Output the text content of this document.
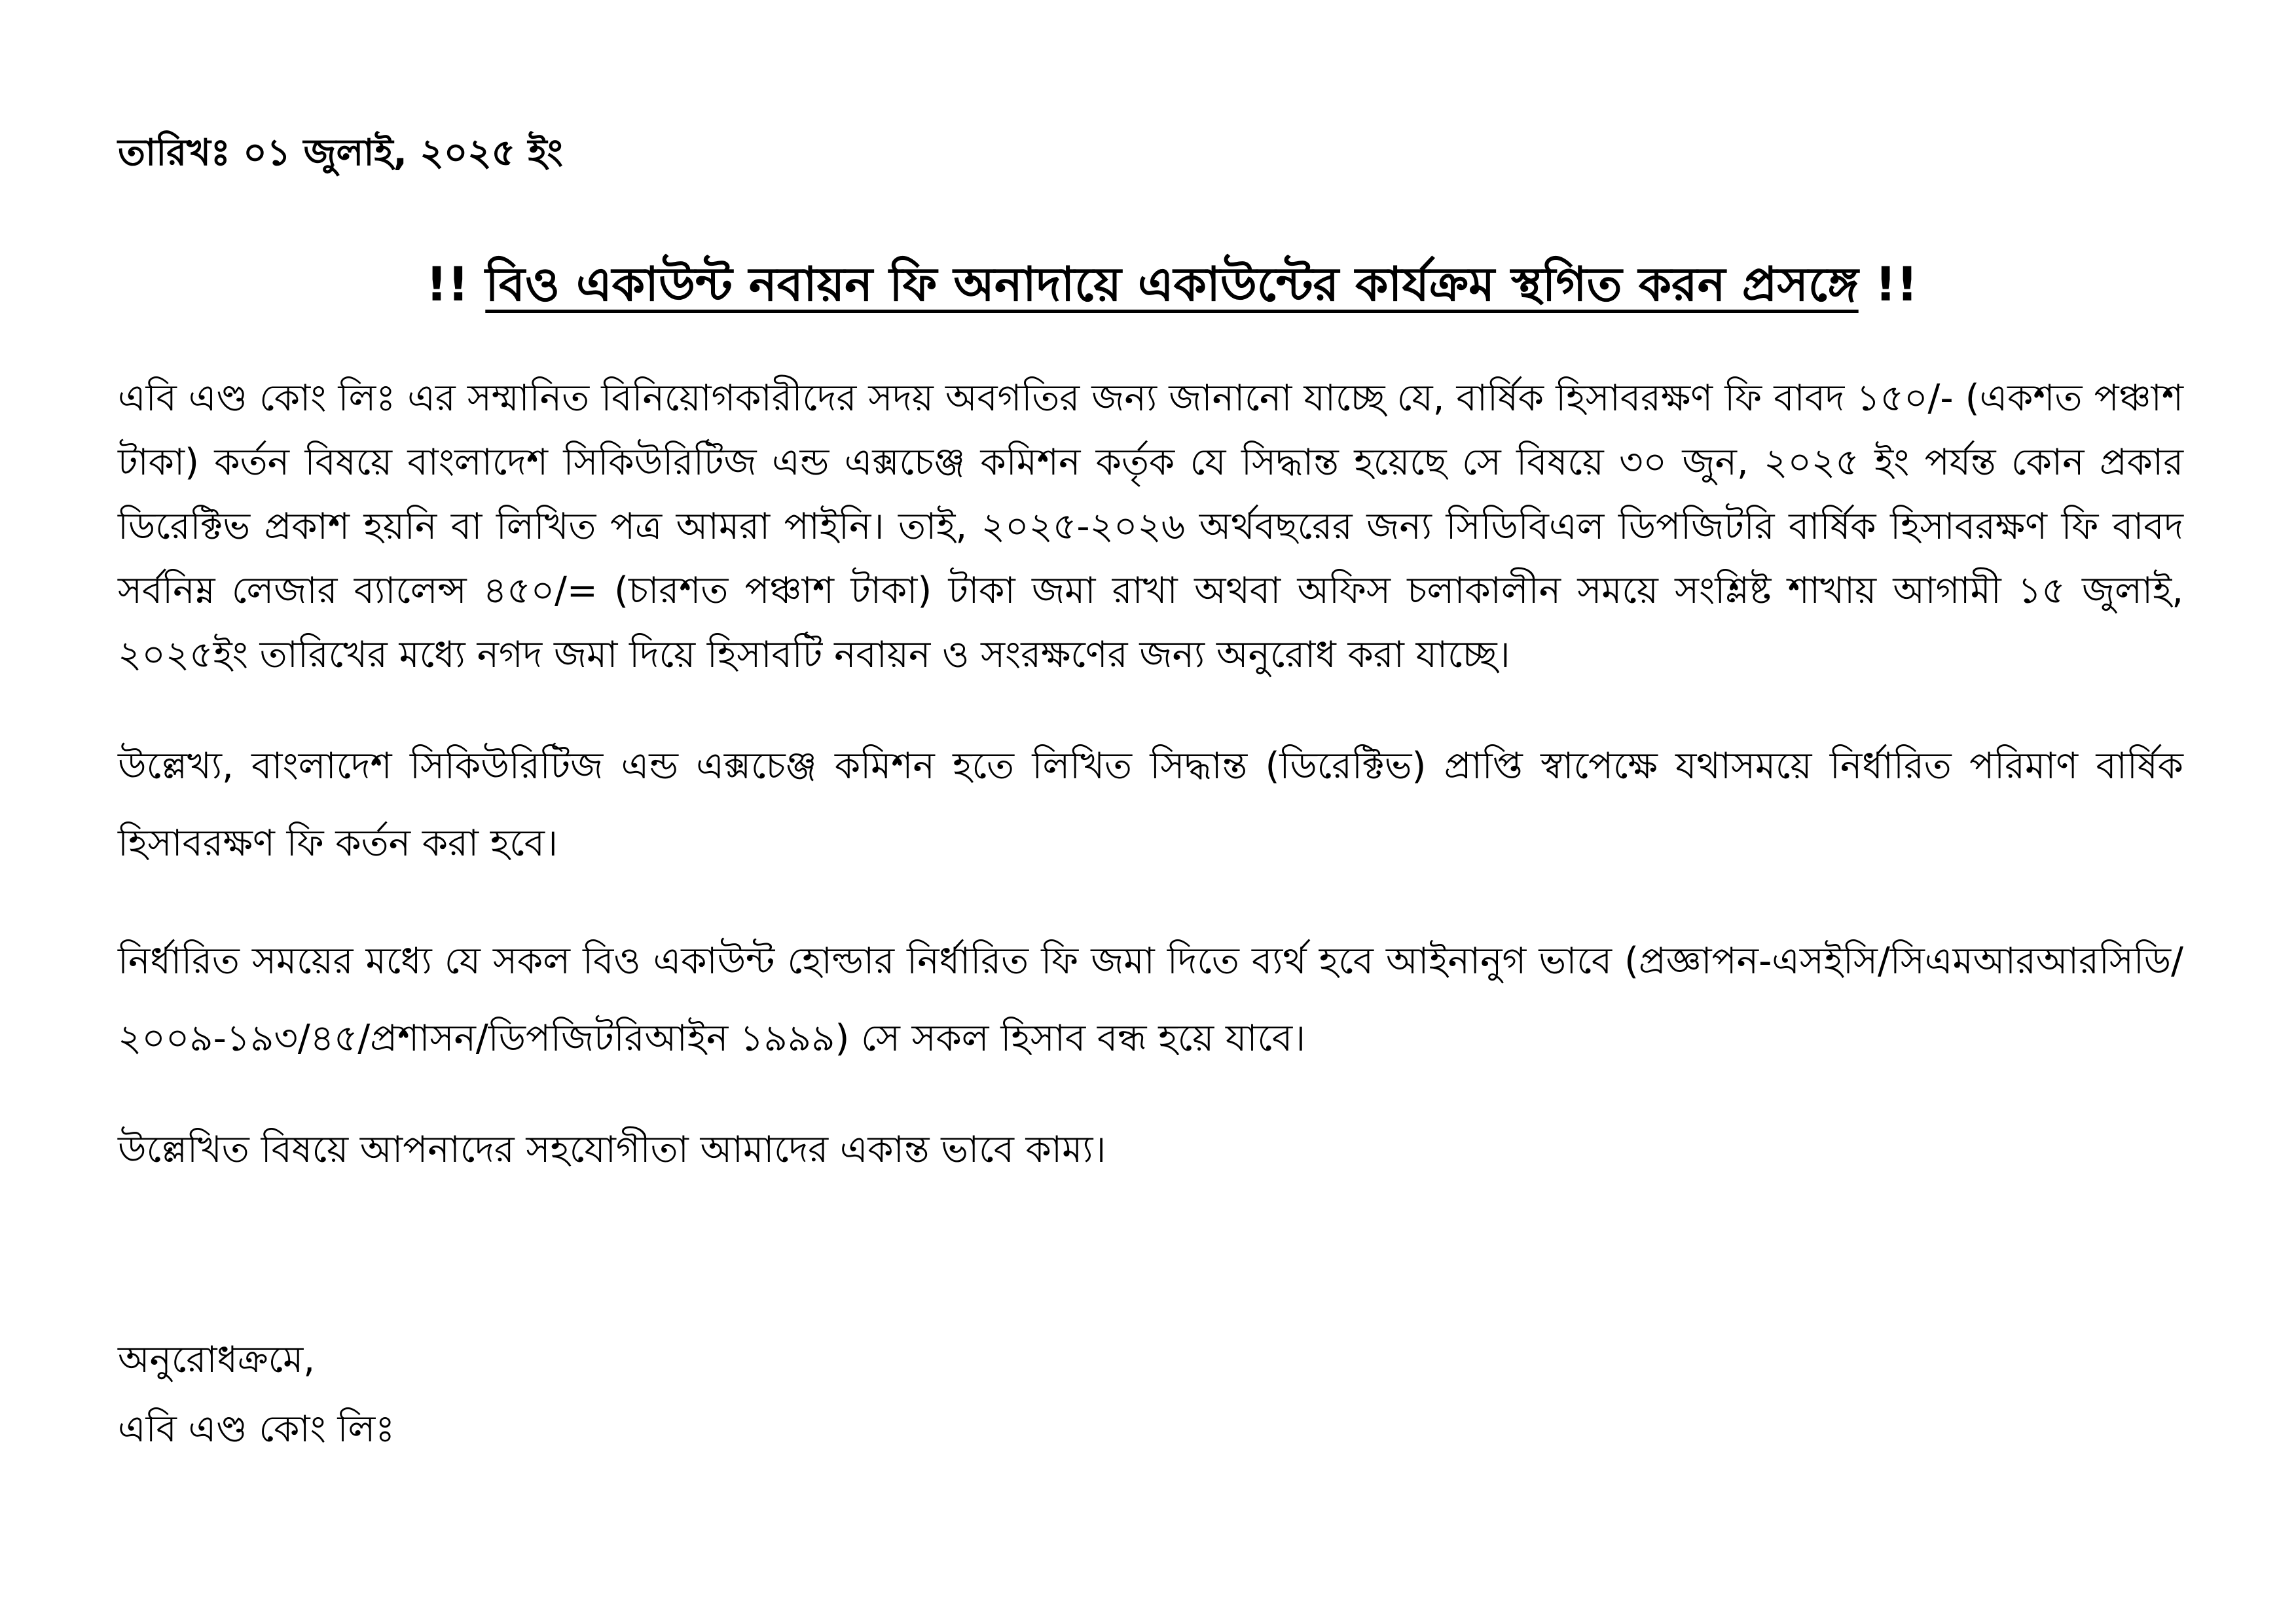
তারিখঃ ০১ জুলাই, ২০২৫ ইং
!! বিও একাউন্ট নবায়ন ফি অনাদায়ে একাউন্টের কার্যক্রম স্থগিত করন প্রসঙ্গে !!

এবি এণ্ড কোং লিঃ এর সম্মানিত বিনিয়োগকারীদের সদয় অবগতির জন্য জানানো যাচ্ছে যে, বার্ষিক হিসাবরক্ষণ ফি বাবদ ১৫০/- (একশত পঞ্চাশ টাকা) কর্তন বিষয়ে বাংলাদেশ সিকিউরিটিজ এন্ড এক্সচেঞ্জ কমিশন কর্তৃক যে সিদ্ধান্ত হয়েছে সে বিষয়ে ৩০ জুন, ২০২৫ ইং পর্যন্ত কোন প্রকার ডিরেক্টিভ প্রকাশ হয়নি বা লিখিত পত্র আমরা পাইনি। তাই, ২০২৫-২০২৬ অর্থবছরের জন্য সিডিবিএল ডিপজিটরি বার্ষিক হিসাবরক্ষণ ফি বাবদ সর্বনিম্ন লেজার ব্যালেন্স ৪৫০/= (চারশত পঞ্চাশ টাকা) টাকা জমা রাখা অথবা অফিস চলাকালীন সময়ে সংশ্লিষ্ট শাখায় আগামী ১৫ জুলাই, ২০২৫ইং তারিখের মধ্যে নগদ জমা দিয়ে হিসাবটি নবায়ন ও সংরক্ষণের জন্য অনুরোধ করা যাচ্ছে।

উল্লেখ্য, বাংলাদেশ সিকিউরিটিজ এন্ড এক্সচেঞ্জ কমিশন হতে লিখিত সিদ্ধান্ত (ডিরেক্টিভ) প্রাপ্তি স্বাপেক্ষে যথাসময়ে নির্ধারিত পরিমাণ বার্ষিক হিসাবরক্ষণ ফি কর্তন করা হবে।

নির্ধারিত সময়ের মধ্যে যে সকল বিও একাউন্ট হোল্ডার নির্ধারিত ফি জমা দিতে ব্যর্থ হবে আইনানুগ ভাবে (প্রজ্ঞাপন-এসইসি/সিএমআরআরসিডি/২০০৯-১৯৩/৪৫/প্রশাসন/ডিপজিটরিআইন ১৯৯৯) সে সকল হিসাব বন্ধ হয়ে যাবে।

উল্লেখিত বিষয়ে আপনাদের সহযোগীতা আমাদের একান্ত ভাবে কাম্য।

অনুরোধক্রমে,
এবি এণ্ড কোং লিঃ
